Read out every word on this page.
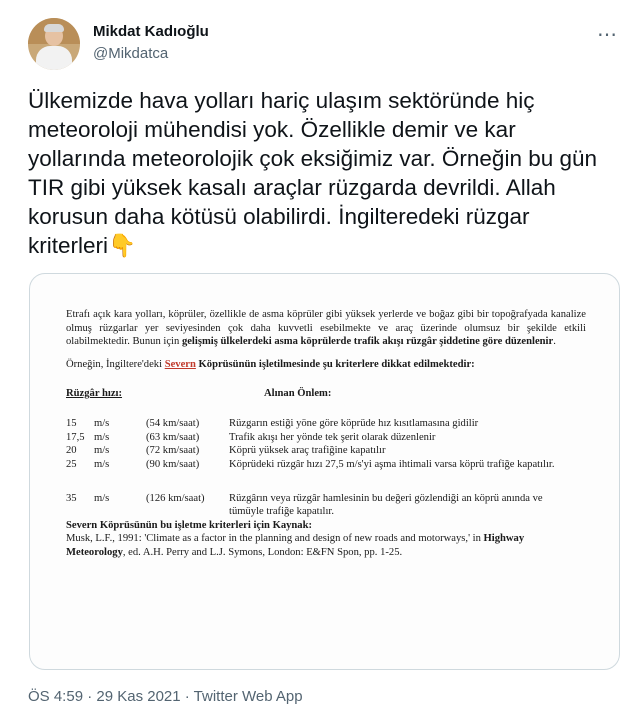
Mikdat Kadıoğlu
@Mikdatca
⋯
Ülkemizde hava yolları hariç ulaşım sektöründe hiç meteoroloji mühendisi yok. Özellikle demir ve kar yollarında meteorolojik çok eksiğimiz var. Örneğin bu gün TIR gibi yüksek kasalı araçlar rüzgarda devrildi. Allah korusun daha kötüsü olabilirdi. İngilteredeki rüzgar kriterleri👇

Etrafı açık kara yolları, köprüler, özellikle de asma köprüler gibi yüksek yerlerde ve boğaz gibi bir topoğrafyada kanalize olmuş rüzgarlar yer seviyesinden çok daha kuvvetli esebilmekte ve araç üzerinde olumsuz bir şekilde etkili olabilmektedir. Bunun için gelişmiş ülkelerdeki asma köprülerde trafik akışı rüzgâr şiddetine göre düzenlenir.

Örneğin, İngiltere'deki Severn Köprüsünün işletilmesinde şu kriterlere dikkat edilmektedir:

Rüzgâr hızı:	Alınan Önlem:
15	m/s	(54 km/saat)	Rüzgarın estiği yöne göre köprüde hız kısıtlamasına gidilir
17,5 m/s	(63 km/saat)	Trafik akışı her yönde tek şerit olarak düzenlenir
20	m/s	(72 km/saat)	Köprü yüksek araç trafiğine kapatılır
25	m/s	(90 km/saat)	Köprüdeki rüzgâr hızı 27,5 m/s'yi aşma ihtimali varsa köprü trafiğe kapatılır.
35	m/s	(126 km/saat) Rüzgârın veya rüzgâr hamlesinin bu değeri gözlendiği an köprü anında ve tümüyle trafiğe kapatılır.

Severn Köprüsünün bu işletme kriterleri için Kaynak:

Musk, L.F., 1991: 'Climate as a factor in the planning and design of new roads and motorways,' in Highway Meteorology, ed. A.H. Perry and L.J. Symons, London: E&FN Spon, pp. 1-25.

ÖS 4:59 · 29 Kas 2021 · Twitter Web App
